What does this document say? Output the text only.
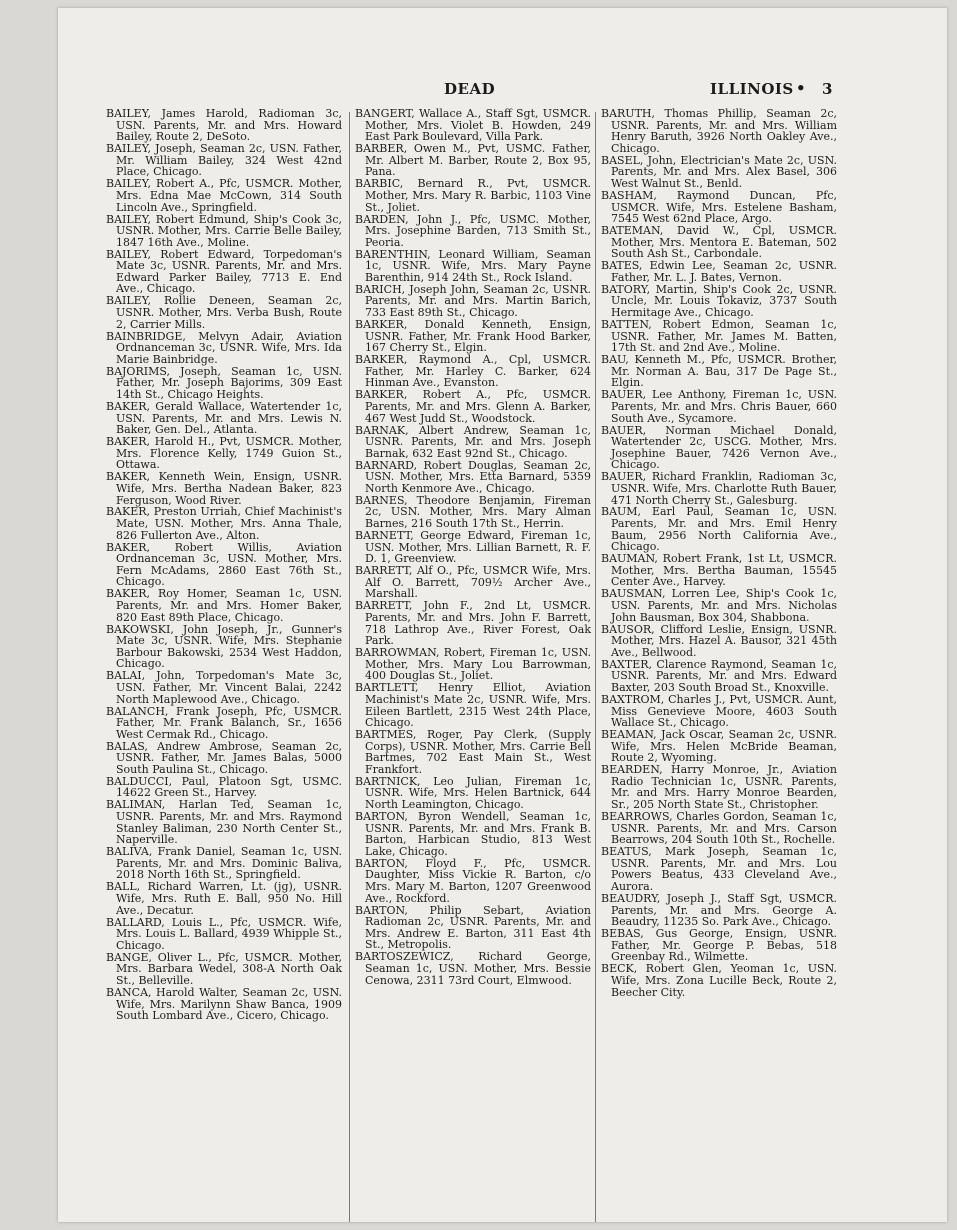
DEAD	ILLINOIS • 3

BAILEY, James Harold, Radioman 3c, USN. Parents, Mr. and Mrs. Howard Bailey, Route 2, DeSoto.

BAILEY, Joseph, Seaman 2c, USN. Father, Mr. William Bailey, 324 West 42nd Place, Chicago.

BAILEY, Robert A., Pfc, USMCR. Mother, Mrs. Edna Mae McCown, 314 South Lincoln Ave., Springfield.

BAILEY, Robert Edmund, Ship's Cook 3c, USNR. Mother, Mrs. Carrie Belle Bailey, 1847 16th Ave., Moline.

BAILEY, Robert Edward, Torpedoman's Mate 3c, USNR. Parents, Mr. and Mrs. Edward Parker Bailey, 7713 E. End Ave., Chicago.

BAILEY, Rollie Deneen, Seaman 2c, USNR. Mother, Mrs. Verba Bush, Route 2, Carrier Mills.

BAINBRIDGE, Melvyn Adair, Aviation Ordnanceman 3c, USNR. Wife, Mrs. Ida Marie Bainbridge.

BAJORIMS, Joseph, Seaman 1c, USN. Father, Mr. Joseph Bajorims, 309 East 14th St., Chicago Heights.

BAKER, Gerald Wallace, Watertender 1c, USN. Parents, Mr. and Mrs. Lewis N. Baker, Gen. Del., Atlanta.

BAKER, Harold H., Pvt, USMCR. Mother, Mrs. Florence Kelly, 1749 Guion St., Ottawa.

BAKER, Kenneth Wein, Ensign, USNR. Wife, Mrs. Bertha Nadean Baker, 823 Ferguson, Wood River.

BAKER, Preston Urriah, Chief Machinist's Mate, USN. Mother, Mrs. Anna Thale, 826 Fullerton Ave., Alton.

BAKER, Robert Willis, Aviation Ordnanceman 3c, USN. Mother, Mrs. Fern McAdams, 2860 East 76th St., Chicago.

BAKER, Roy Homer, Seaman 1c, USN. Parents, Mr. and Mrs. Homer Baker, 820 East 89th Place, Chicago.

BAKOWSKI, John Joseph, Jr., Gunner's Mate 3c, USNR. Wife, Mrs. Stephanie Barbour Bakowski, 2534 West Haddon, Chicago.

BALAI, John, Torpedoman's Mate 3c, USN. Father, Mr. Vincent Balai, 2242 North Maplewood Ave., Chicago.

BALANCH, Frank Joseph, Pfc, USMCR. Father, Mr. Frank Balanch, Sr., 1656 West Cermak Rd., Chicago.

BALAS, Andrew Ambrose, Seaman 2c, USNR. Father, Mr. James Balas, 5000 South Paulina St., Chicago.

BALDUCCI, Paul, Platoon Sgt, USMC. 14622 Green St., Harvey.

BALIMAN, Harlan Ted, Seaman 1c, USNR. Parents, Mr. and Mrs. Raymond Stanley Baliman, 230 North Center St., Naperville.

BALIVA, Frank Daniel, Seaman 1c, USN. Parents, Mr. and Mrs. Dominic Baliva, 2018 North 16th St., Springfield.

BALL, Richard Warren, Lt. (jg), USNR. Wife, Mrs. Ruth E. Ball, 950 No. Hill Ave., Decatur.

BALLARD, Louis L., Pfc, USMCR. Wife, Mrs. Louis L. Ballard, 4939 Whipple St., Chicago.

BANGE, Oliver L., Pfc, USMCR. Mother, Mrs. Barbara Wedel, 308-A North Oak St., Belleville.

BANCA, Harold Walter, Seaman 2c, USN. Wife, Mrs. Marilynn Shaw Banca, 1909 South Lombard Ave., Cicero, Chicago.

BANGERT, Wallace A., Staff Sgt, USMCR. Mother, Mrs. Violet B. Howden, 249 East Park Boulevard, Villa Park.

BARBER, Owen M., Pvt, USMC. Father, Mr. Albert M. Barber, Route 2, Box 95, Pana.

BARBIC, Bernard R., Pvt, USMCR. Mother, Mrs. Mary R. Barbic, 1103 Vine St., Joliet.

BARDEN, John J., Pfc, USMC. Mother, Mrs. Josephine Barden, 713 Smith St., Peoria.

BARENTHIN, Leonard William, Seaman 1c, USNR. Wife, Mrs. Mary Payne Barenthin, 914 24th St., Rock Island.

BARICH, Joseph John, Seaman 2c, USNR. Parents, Mr. and Mrs. Martin Barich, 733 East 89th St., Chicago.

BARKER, Donald Kenneth, Ensign, USNR. Father, Mr. Frank Hood Barker, 167 Cherry St., Elgin.

BARKER, Raymond A., Cpl, USMCR. Father, Mr. Harley C. Barker, 624 Hinman Ave., Evanston.

BARKER, Robert A., Pfc, USMCR. Parents, Mr. and Mrs. Glenn A. Barker, 467 West Judd St., Woodstock.

BARNAK, Albert Andrew, Seaman 1c, USNR. Parents, Mr. and Mrs. Joseph Barnak, 632 East 92nd St., Chicago.

BARNARD, Robert Douglas, Seaman 2c, USN. Mother, Mrs. Etta Barnard, 5359 North Kenmore Ave., Chicago.

BARNES, Theodore Benjamin, Fireman 2c, USN. Mother, Mrs. Mary Alman Barnes, 216 South 17th St., Herrin.

BARNETT, George Edward, Fireman 1c, USN. Mother, Mrs. Lillian Barnett, R. F. D. 1, Greenview.

BARRETT, Alf O., Pfc, USMCR Wife, Mrs. Alf O. Barrett, 709½ Archer Ave., Marshall.

BARRETT, John F., 2nd Lt, USMCR. Parents, Mr. and Mrs. John F. Barrett, 718 Lathrop Ave., River Forest, Oak Park.

BARROWMAN, Robert, Fireman 1c, USN. Mother, Mrs. Mary Lou Barrowman, 400 Douglas St., Joliet.

BARTLETT, Henry Elliot, Aviation Machinist's Mate 2c, USNR. Wife, Mrs. Eileen Bartlett, 2315 West 24th Place, Chicago.

BARTMES, Roger, Pay Clerk, (Supply Corps), USNR. Mother, Mrs. Carrie Bell Bartmes, 702 East Main St., West Frankfort.

BARTNICK, Leo Julian, Fireman 1c, USNR. Wife, Mrs. Helen Bartnick, 644 North Leamington, Chicago.

BARTON, Byron Wendell, Seaman 1c, USNR. Parents, Mr. and Mrs. Frank B. Barton, Harbican Studio, 813 West Lake, Chicago.

BARTON, Floyd F., Pfc, USMCR. Daughter, Miss Vickie R. Barton, c/o Mrs. Mary M. Barton, 1207 Greenwood Ave., Rockford.

BARTON, Philip Sebart, Aviation Radioman 2c, USNR. Parents, Mr. and Mrs. Andrew E. Barton, 311 East 4th St., Metropolis.

BARTOSZEWICZ, Richard George, Seaman 1c, USN. Mother, Mrs. Bessie Cenowa, 2311 73rd Court, Elmwood.

BARUTH, Thomas Phillip, Seaman 2c, USNR. Parents, Mr. and Mrs. William Henry Baruth, 3926 North Oakley Ave., Chicago.

BASEL, John, Electrician's Mate 2c, USN. Parents, Mr. and Mrs. Alex Basel, 306 West Walnut St., Benld.

BASHAM, Raymond Duncan, Pfc, USMCR. Wife, Mrs. Estelene Basham, 7545 West 62nd Place, Argo.

BATEMAN, David W., Cpl, USMCR. Mother, Mrs. Mentora E. Bateman, 502 South Ash St., Carbondale.

BATES, Edwin Lee, Seaman 2c, USNR. Father, Mr. L. J. Bates, Vernon.

BATORY, Martin, Ship's Cook 2c, USNR. Uncle, Mr. Louis Tokaviz, 3737 South Hermitage Ave., Chicago.

BATTEN, Robert Edmon, Seaman 1c, USNR. Father, Mr. James M. Batten, 17th St. and 2nd Ave., Moline.

BAU, Kenneth M., Pfc, USMCR. Brother, Mr. Norman A. Bau, 317 De Page St., Elgin.

BAUER, Lee Anthony, Fireman 1c, USN. Parents, Mr. and Mrs. Chris Bauer, 660 South Ave., Sycamore.

BAUER, Norman Michael Donald, Watertender 2c, USCG. Mother, Mrs. Josephine Bauer, 7426 Vernon Ave., Chicago.

BAUER, Richard Franklin, Radioman 3c, USNR. Wife, Mrs. Charlotte Ruth Bauer, 471 North Cherry St., Galesburg.

BAUM, Earl Paul, Seaman 1c, USN. Parents, Mr. and Mrs. Emil Henry Baum, 2956 North California Ave., Chicago.

BAUMAN, Robert Frank, 1st Lt, USMCR. Mother, Mrs. Bertha Bauman, 15545 Center Ave., Harvey.

BAUSMAN, Lorren Lee, Ship's Cook 1c, USN. Parents, Mr. and Mrs. Nicholas John Bausman, Box 304, Shabbona.

BAUSOR, Clifford Leslie, Ensign, USNR. Mother, Mrs. Hazel A. Bausor, 321 45th Ave., Bellwood.

BAXTER, Clarence Raymond, Seaman 1c, USNR. Parents, Mr. and Mrs. Edward Baxter, 203 South Broad St., Knoxville.

BAXTROM, Charles J., Pvt, USMCR. Aunt, Miss Genevieve Moore, 4603 South Wallace St., Chicago.

BEAMAN, Jack Oscar, Seaman 2c, USNR. Wife, Mrs. Helen McBride Beaman, Route 2, Wyoming.

BEARDEN, Harry Monroe, Jr., Aviation Radio Technician 1c, USNR. Parents, Mr. and Mrs. Harry Monroe Bearden, Sr., 205 North State St., Christopher.

BEARROWS, Charles Gordon, Seaman 1c, USNR. Parents, Mr. and Mrs. Carson Bearrows, 204 South 10th St., Rochelle.

BEATUS, Mark Joseph, Seaman 1c, USNR. Parents, Mr. and Mrs. Lou Powers Beatus, 433 Cleveland Ave., Aurora.

BEAUDRY, Joseph J., Staff Sgt, USMCR. Parents, Mr. and Mrs. George A. Beaudry, 11235 So. Park Ave., Chicago.

BEBAS, Gus George, Ensign, USNR. Father, Mr. George P. Bebas, 518 Greenbay Rd., Wilmette.

BECK, Robert Glen, Yeoman 1c, USN. Wife, Mrs. Zona Lucille Beck, Route 2, Beecher City.
